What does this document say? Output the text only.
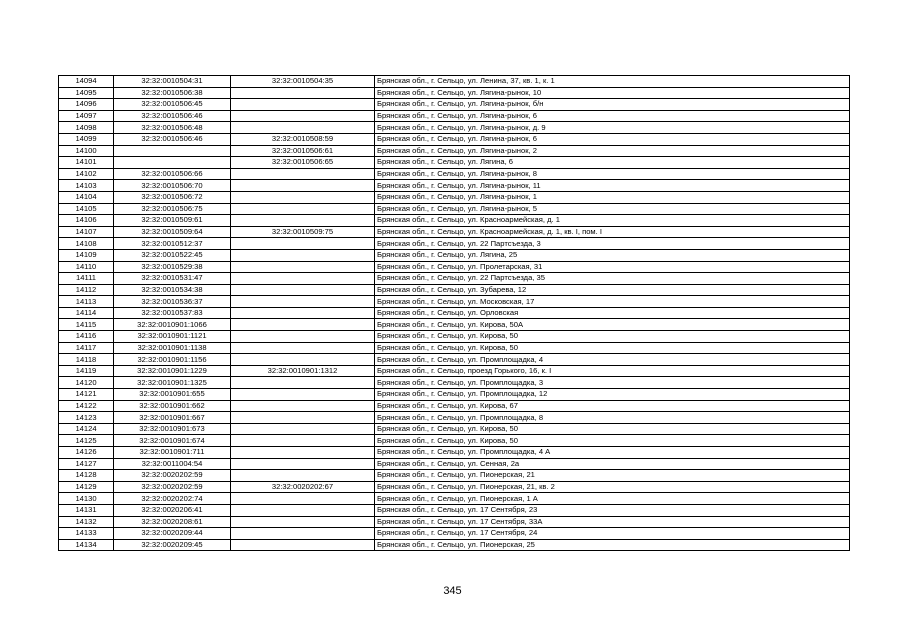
14094	32:32:0010504:31	32:32:0010504:35	Брянская обл., г. Сельцо, ул. Ленина, 37, кв. 1, к. 1
14095	32:32:0010506:38		Брянская обл., г. Сельцо, ул. Лягина-рынок, 10
14096	32:32:0010506:45		Брянская обл., г. Сельцо, ул. Лягина-рынок, б/н
14097	32:32:0010506:46		Брянская обл., г. Сельцо, ул. Лягина-рынок, 6
14098	32:32:0010506:48		Брянская обл., г. Сельцо, ул. Лягина-рынок, д. 9
14099	32:32:0010506:46	32:32:0010508:59	Брянская обл., г. Сельцо, ул. Лягина-рынок, 6
14100		32:32:0010506:61	Брянская обл., г. Сельцо, ул. Лягина-рынок, 2
14101		32:32:0010506:65	Брянская обл., г. Сельцо, ул. Лягина, 6
14102	32:32:0010506:66		Брянская обл., г. Сельцо, ул. Лягина-рынок, 8
14103	32:32:0010506:70		Брянская обл., г. Сельцо, ул. Лягина-рынок, 11
14104	32:32:0010506:72		Брянская обл., г. Сельцо, ул. Лягина-рынок, 1
14105	32:32:0010506:75		Брянская обл., г. Сельцо, ул. Лягина-рынок, 5
14106	32:32:0010509:61		Брянская обл., г. Сельцо, ул. Красноармейская, д. 1
14107	32:32:0010509:64	32:32:0010509:75	Брянская обл., г. Сельцо, ул. Красноармейская, д. 1, кв. I, пом. I
14108	32:32:0010512:37		Брянская обл., г. Сельцо, ул. 22 Партсъезда, 3
14109	32:32:0010522:45		Брянская обл., г. Сельцо, ул. Лягина, 25
14110	32:32:0010529:38		Брянская обл., г. Сельцо, ул. Пролетарская, 31
14111	32:32:0010531:47		Брянская обл., г. Сельцо, ул. 22 Партсъезда, 35
14112	32:32:0010534:38		Брянская обл., г. Сельцо, ул. Зубарева, 12
14113	32:32:0010536:37		Брянская обл., г. Сельцо, ул. Московская, 17
14114	32:32:0010537:83		Брянская обл., г. Сельцо, ул. Орловская
14115	32:32:0010901:1066		Брянская обл., г. Сельцо, ул. Кирова, 50А
14116	32:32:0010901:1121		Брянская обл., г. Сельцо, ул. Кирова, 50
14117	32:32:0010901:1138		Брянская обл., г. Сельцо, ул. Кирова, 50
14118	32:32:0010901:1156		Брянская обл., г. Сельцо, ул. Промплощадка, 4
14119	32:32:0010901:1229	32:32:0010901:1312	Брянская обл., г. Сельцо, проезд Горького, 16, к. I
14120	32:32:0010901:1325		Брянская обл., г. Сельцо, ул. Промплощадка, 3
14121	32:32:0010901:655		Брянская обл., г. Сельцо, ул. Промплощадка, 12
14122	32:32:0010901:662		Брянская обл., г. Сельцо, ул. Кирова, 67
14123	32:32:0010901:667		Брянская обл., г. Сельцо, ул. Промплощадка, 8
14124	32:32:0010901:673		Брянская обл., г. Сельцо, ул. Кирова, 50
14125	32:32:0010901:674		Брянская обл., г. Сельцо, ул. Кирова, 50
14126	32:32:0010901:711		Брянская обл., г. Сельцо, ул. Промплощадка, 4 А
14127	32:32:0011004:54		Брянская обл., г. Сельцо, ул. Сенная, 2а
14128	32:32:0020202:59		Брянская обл., г. Сельцо, ул. Пионерская, 21
14129	32:32:0020202:59	32:32:0020202:67	Брянская обл., г. Сельцо, ул. Пионерская, 21, кв. 2
14130	32:32:0020202:74		Брянская обл., г. Сельцо, ул. Пионерская, 1 А
14131	32:32:0020206:41		Брянская обл., г. Сельцо, ул. 17 Сентября, 23
14132	32:32:0020208:61		Брянская обл., г. Сельцо, ул. 17 Сентября, 33А
14133	32:32:0020209:44		Брянская обл., г. Сельцо, ул. 17 Сентября, 24
14134	32:32:0020209:45		Брянская обл., г. Сельцо, ул. Пионерская, 25
345
